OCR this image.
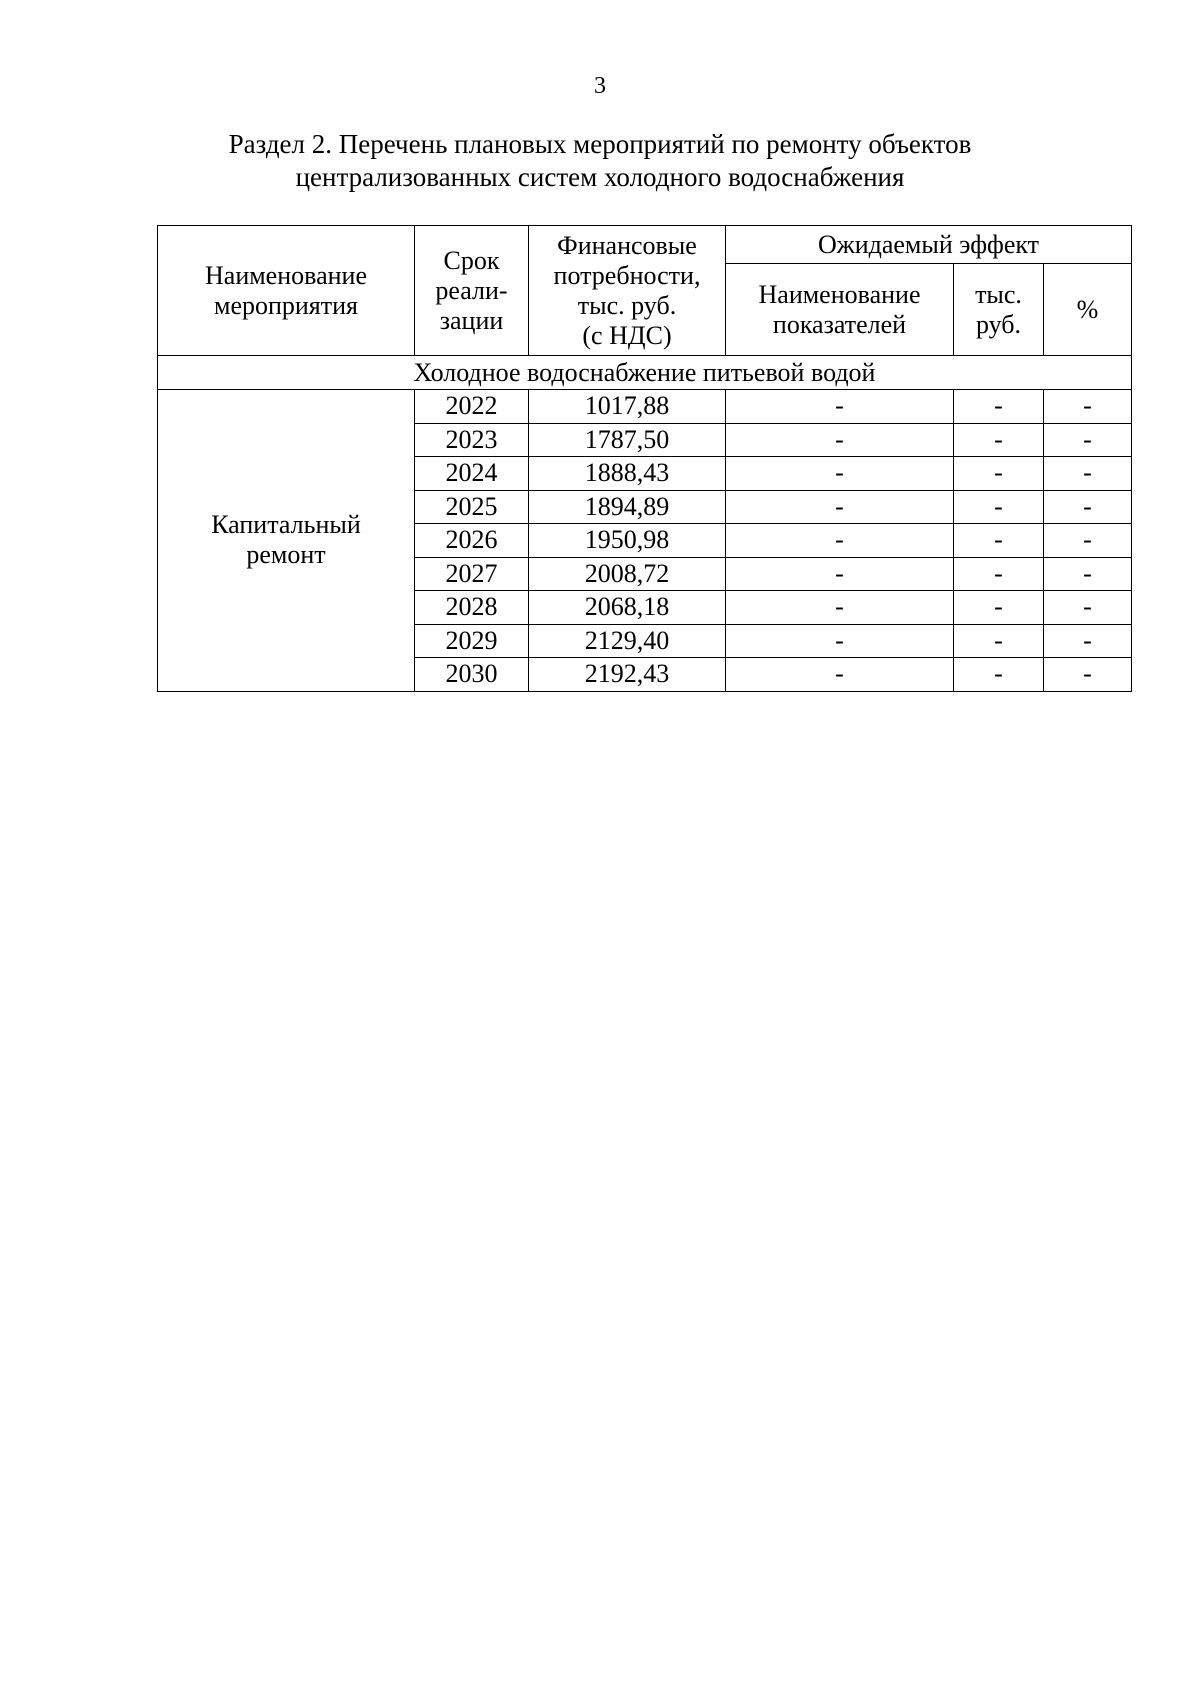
3
Раздел 2. Перечень плановых мероприятий по ремонту объектов
централизованных систем холодного водоснабжения
Наименование
мероприятия	Срок
реали-
зации	Финансовые
потребности,
тыс. руб.
(с НДС)	Ожидаемый эффект		

			Наименование
показателей	тыс.
руб.	%
Холодное водоснабжение питьевой водой					

Капитальный
ремонт	2022	1017,88	-	-	-
	2023	1787,50	-	-	-
	2024	1888,43	-	-	-
	2025	1894,89	-	-	-
	2026	1950,98	-	-	-
	2027	2008,72	-	-	-
	2028	2068,18	-	-	-
	2029	2129,40	-	-	-
	2030	2192,43	-	-	-
